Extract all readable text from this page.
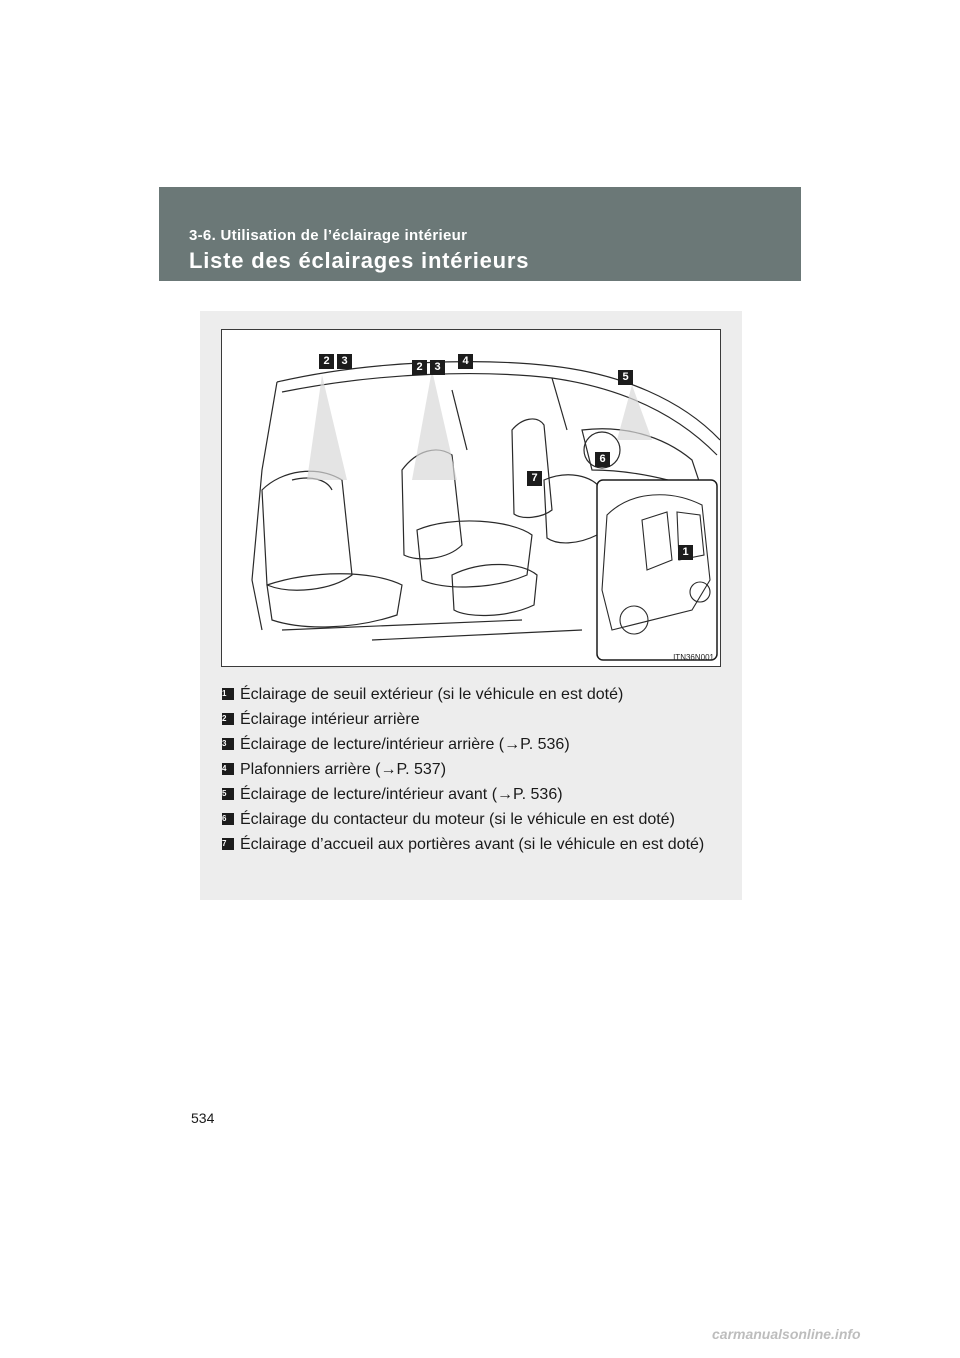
3-6. Utilisation de l’éclairage intérieur
Liste des éclairages intérieurs
2	3	2	3	4
5
6
7
1
ITN36N001
1 Éclairage de seuil extérieur (si le véhicule en est doté)
2 Éclairage intérieur arrière
3 Éclairage de lecture/intérieur arrière (→P. 536)
4 Plafonniers arrière (→P. 537)
5 Éclairage de lecture/intérieur avant (→P. 536)
6 Éclairage du contacteur du moteur (si le véhicule en est doté)
7 Éclairage d’accueil aux portières avant (si le véhicule en est doté)
534
carmanualsonline.info
